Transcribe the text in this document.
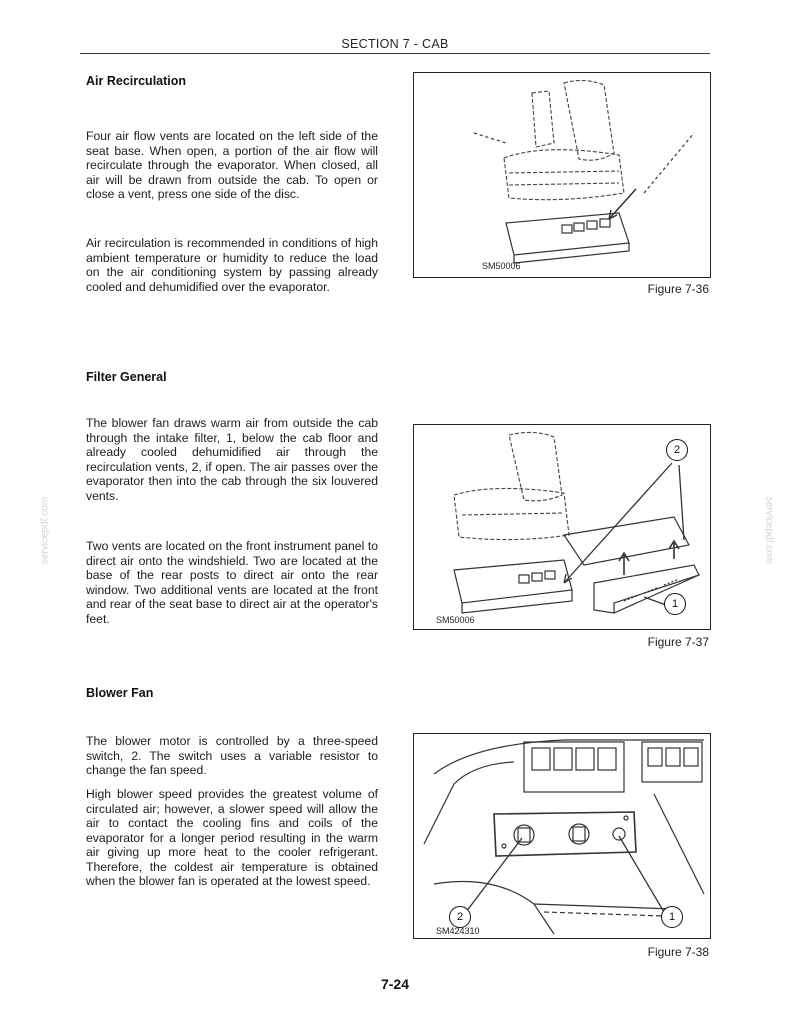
SECTION 7 - CAB
servicepdf.com	servicepdf.com
Air Recirculation

Four air flow vents are located on the left side of the seat base. When open, a portion of the air flow will recirculate through the evaporator. When closed, all air will be drawn from outside the cab. To open or close a vent, press one side of the disc.

Air recirculation is recommended in conditions of high ambient temperature or humidity to reduce the load on the air conditioning system by passing already cooled and dehumidified over the evaporator.

SM50006
Figure 7-36
Filter General

The blower fan draws warm air from outside the cab through the intake filter, 1, below the cab floor and already cooled dehumidified air through the recirculation vents, 2, if open. The air passes over the evaporator then into the cab through the six louvered vents.

Two vents are located on the front instrument panel to direct air onto the windshield. Two are located at the base of the rear posts to direct air onto the rear window. Two additional vents are located at the front and rear of the seat base to direct air at the operator's feet.

2
1
SM50006
Figure 7-37
Blower Fan

The blower motor is controlled by a three-speed switch, 2. The switch uses a variable resistor to change the fan speed.

High blower speed provides the greatest volume of circulated air; however, a slower speed will allow the air to contact the cooling fins and coils of the evaporator for a longer period resulting in the warm air giving up more heat to the cooler refrigerant. Therefore, the coldest air temperature is obtained when the blower fan is operated at the lowest speed.

2	1
SM424310
Figure 7-38
7-24
